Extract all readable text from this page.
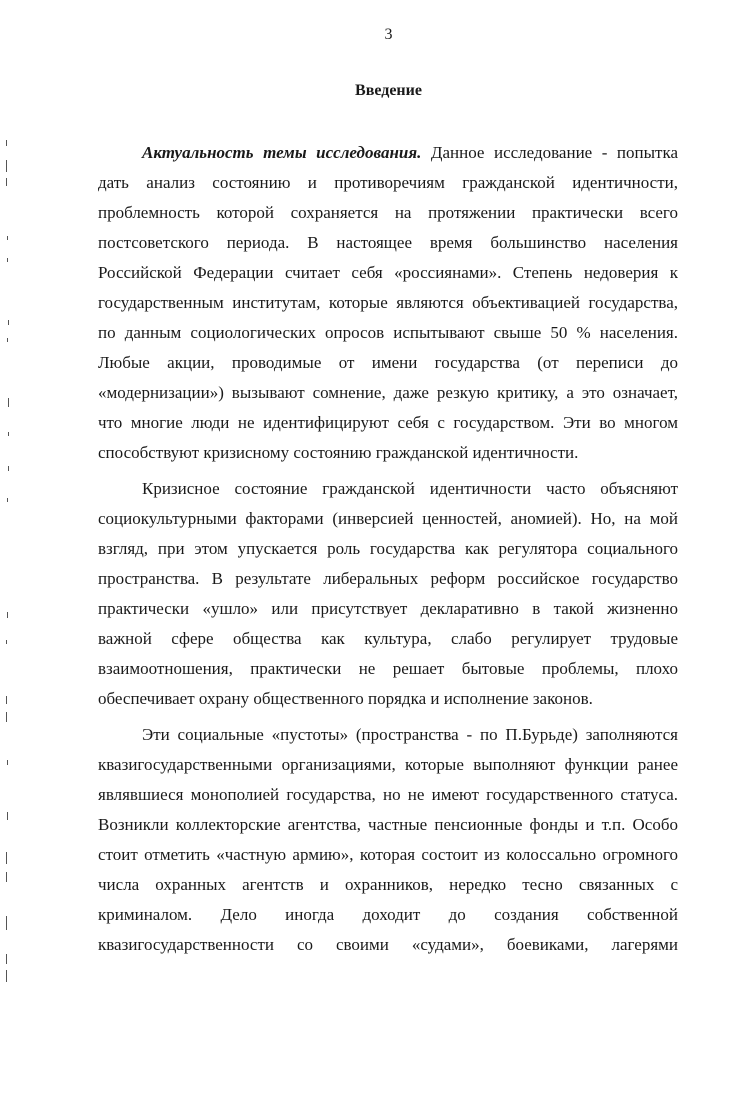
3
Введение
Актуальность темы исследования. Данное исследование - попытка
дать анализ состоянию и противоречиям гражданской идентичности,
проблемность которой сохраняется на протяжении практически всего
постсоветского периода. В настоящее время большинство населения
Российской Федерации считает себя «россиянами». Степень недоверия к
государственным институтам, которые являются объективацией государства,
по данным социологических опросов испытывают свыше 50 % населения.
Любые акции, проводимые от имени государства (от переписи до
«модернизации») вызывают сомнение, даже резкую критику, а это означает,
что многие люди не идентифицируют себя с государством. Эти во многом
способствуют кризисному состоянию гражданской идентичности.
Кризисное состояние гражданской идентичности часто объясняют
социокультурными факторами (инверсией ценностей, аномией). Но, на мой
взгляд, при этом упускается роль государства как регулятора социального
пространства. В результате либеральных реформ российское государство
практически «ушло» или присутствует декларативно в такой жизненно
важной сфере общества как культура, слабо регулирует трудовые
взаимоотношения, практически не решает бытовые проблемы, плохо
обеспечивает охрану общественного порядка и исполнение законов.
Эти социальные «пустоты» (пространства - по П.Бурьде) заполняются
квазигосударственными организациями, которые выполняют функции ранее
являвшиеся монополией государства, но не имеют государственного статуса.
Возникли коллекторские агентства, частные пенсионные фонды и т.п. Особо
стоит отметить «частную армию», которая состоит из колоссально огромного
числа охранных агентств и охранников, нередко тесно связанных с
криминалом. Дело иногда доходит до создания собственной
квазигосударственности со своими «судами», боевиками, лагерями
